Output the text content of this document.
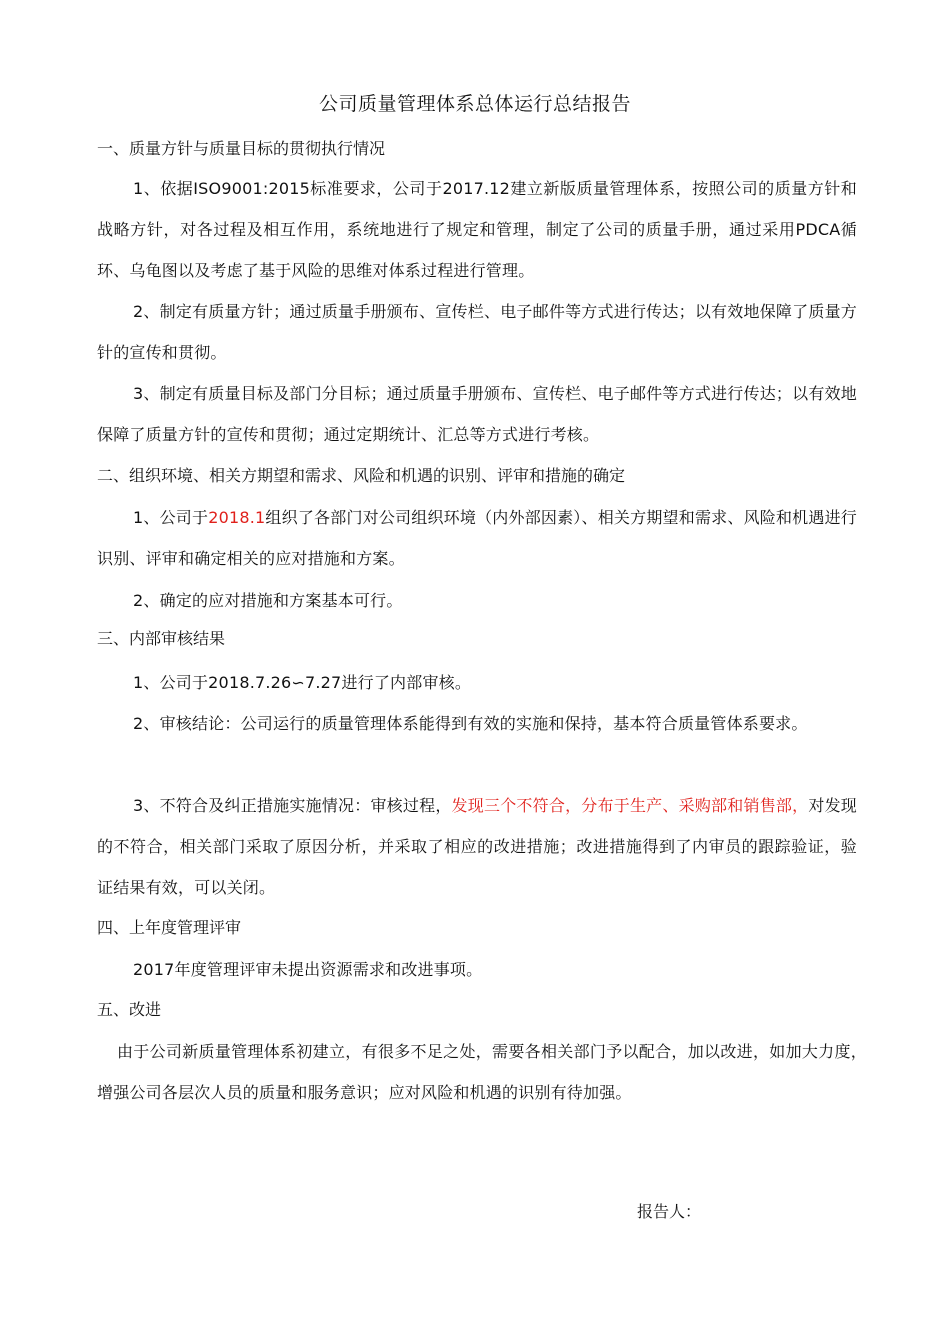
公司质量管理体系总体运行总结报告
一、质量方针与质量目标的贯彻执行情况

1、依据ISO9001:2015标准要求，公司于2017.12建立新版质量管理体系，按照公司的质量方针和战略方针，对各过程及相互作用，系统地进行了规定和管理，制定了公司的质量手册，通过采用PDCA循环、乌龟图以及考虑了基于风险的思维对体系过程进行管理。

2、制定有质量方针；通过质量手册颁布、宣传栏、电子邮件等方式进行传达；以有效地保障了质量方针的宣传和贯彻。

3、制定有质量目标及部门分目标；通过质量手册颁布、宣传栏、电子邮件等方式进行传达；以有效地保障了质量方针的宣传和贯彻；通过定期统计、汇总等方式进行考核。

二、组织环境、相关方期望和需求、风险和机遇的识别、评审和措施的确定

1、公司于2018.1组织了各部门对公司组织环境（内外部因素）、相关方期望和需求、风险和机遇进行识别、评审和确定相关的应对措施和方案。

2、确定的应对措施和方案基本可行。

三、内部审核结果

1、公司于2018.7.26∽7.27进行了内部审核。

2、审核结论：公司运行的质量管理体系能得到有效的实施和保持，基本符合质量管体系要求。

3、不符合及纠正措施实施情况：审核过程，发现三个不符合，分布于生产、采购部和销售部，对发现的不符合，相关部门采取了原因分析，并采取了相应的改进措施；改进措施得到了内审员的跟踪验证，验证结果有效，可以关闭。

四、上年度管理评审

2017年度管理评审未提出资源需求和改进事项。

五、改进

由于公司新质量管理体系初建立，有很多不足之处，需要各相关部门予以配合，加以改进，如加大力度，增强公司各层次人员的质量和服务意识；应对风险和机遇的识别有待加强。

报告人：
